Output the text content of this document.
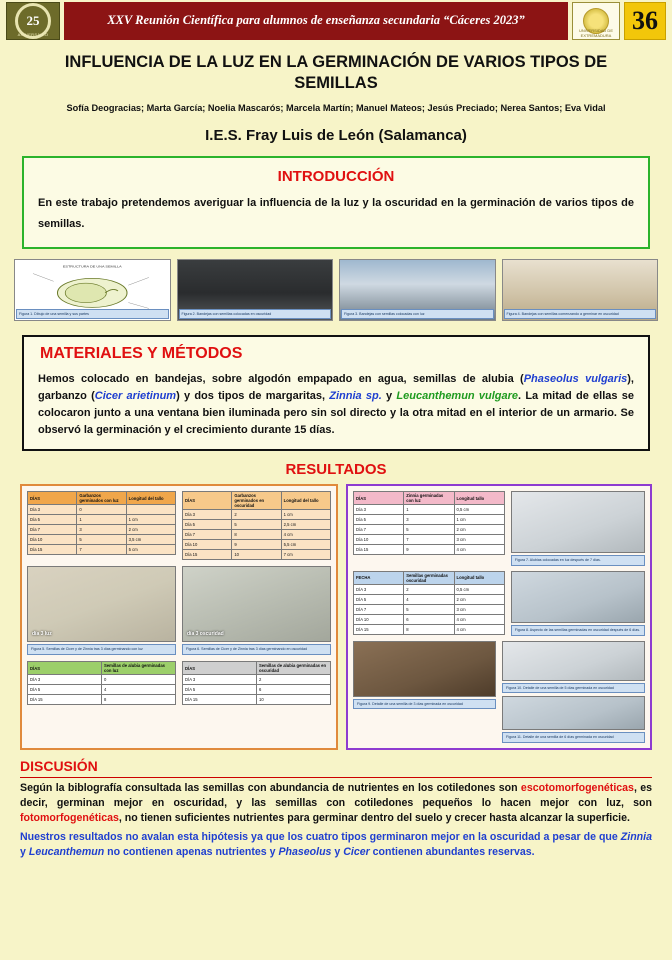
25
ANIVERSARIO
XXV Reunión Científica para alumnos de enseñanza secundaria “Cáceres 2023”
UNIVERSIDAD DE EXTREMADURA
36
INFLUENCIA DE LA LUZ EN LA GERMINACIÓN DE VARIOS TIPOS DE SEMILLAS
Sofía Deogracias; Marta García; Noelia Mascarós; Marcela Martín; Manuel Mateos; Jesús Preciado; Nerea Santos; Eva Vidal
I.E.S. Fray Luis de León (Salamanca)
INTRODUCCIÓN
En este trabajo pretendemos averiguar la influencia de la luz y la oscuridad en la germinación de varios tipos de semillas.
ESTRUCTURA DE UNA SEMILLA
Figura 1. Dibujo de una semilla y sus partes	Figura 2. Bandejas con semillas colocadas en oscuridad	Figura 3. Bandejas con semillas colocadas con luz	Figura 4. Bandejas con semillas comenzando a germinar en oscuridad
MATERIALES Y MÉTODOS
Hemos colocado en bandejas, sobre algodón empapado en agua, semillas de alubia (Phaseolus vulgaris), garbanzo (Cicer arietinum) y dos tipos de margaritas, Zinnia sp. y Leucanthemun vulgare. La mitad de ellas se colocaron junto a una ventana bien iluminada pero sin sol directo y la otra mitad en el interior de un armario. Se observó la germinación y el crecimiento durante 15 días.
RESULTADOS
DÍAS	Garbanzos germinados con luz	Longitud del tallo
Día 3	0	
Día 5	1	1 cm
Día 7	3	2 cm
Día 10	5	3,5 cm
Día 15	7	5 cm
DÍAS	Garbanzos germinados en oscuridad	Longitud del tallo
Día 3	2	1 cm
Día 5	5	2,5 cm
Día 7	8	4 cm
Día 10	9	5,5 cm
Día 15	10	7 cm
día 3 luz
Figura 5. Semillas de Cicer y de Zinnia tras 3 días germinando con luz
día 3 oscuridad
Figura 6. Semillas de Cicer y de Zinnia tras 3 días germinando en oscuridad
DÍAS	Semillas de alubia germinadas con luz
DÍA 3	0
DÍA 5	4
DÍA 15	8
DÍAS	Semillas de alubia germinadas en oscuridad
DÍA 3	2
DÍA 5	6
DÍA 15	10
DÍAS	Zinnia germinadas con luz	Longitud tallo
Día 3	1	0,5 cm
Día 5	3	1 cm
Día 7	5	2 cm
Día 10	7	3 cm
Día 15	9	4 cm
Figura 7. Alubias colocadas en luz después de 7 días.
FECHA	Semillas germinadas oscuridad	Longitud tallo
DÍA 3	2	0,5 cm
DÍA 5	4	2 cm
DÍA 7	5	3 cm
DÍA 10	6	4 cm
DÍA 15	8	4 cm	Figura 8. Aspecto de las semillas germinadas en oscuridad después de 6 días.
Figura 9. Detalle de una semilla de 3 días germinada en oscuridad
Figura 10. Detalle de una semilla de 5 días germinada en oscuridad
Figura 11. Detalle de una semilla de 6 días germinada en oscuridad
DISCUSIÓN
Según la biblografía consultada las semillas con abundancia de nutrientes en los cotiledones son escotomorfogenéticas, es decir, germinan mejor en oscuridad, y las semillas con cotiledones pequeños lo hacen mejor con luz, son fotomorfogenéticas, no tienen suficientes nutrientes para germinar dentro del suelo y crecer hasta alcanzar la superficie.
Nuestros resultados no avalan esta hipótesis ya que los cuatro tipos germinaron mejor en la oscuridad a pesar de que Zinnia y Leucanthemun no contienen apenas nutrientes y Phaseolus y Cicer contienen abundantes reservas.
